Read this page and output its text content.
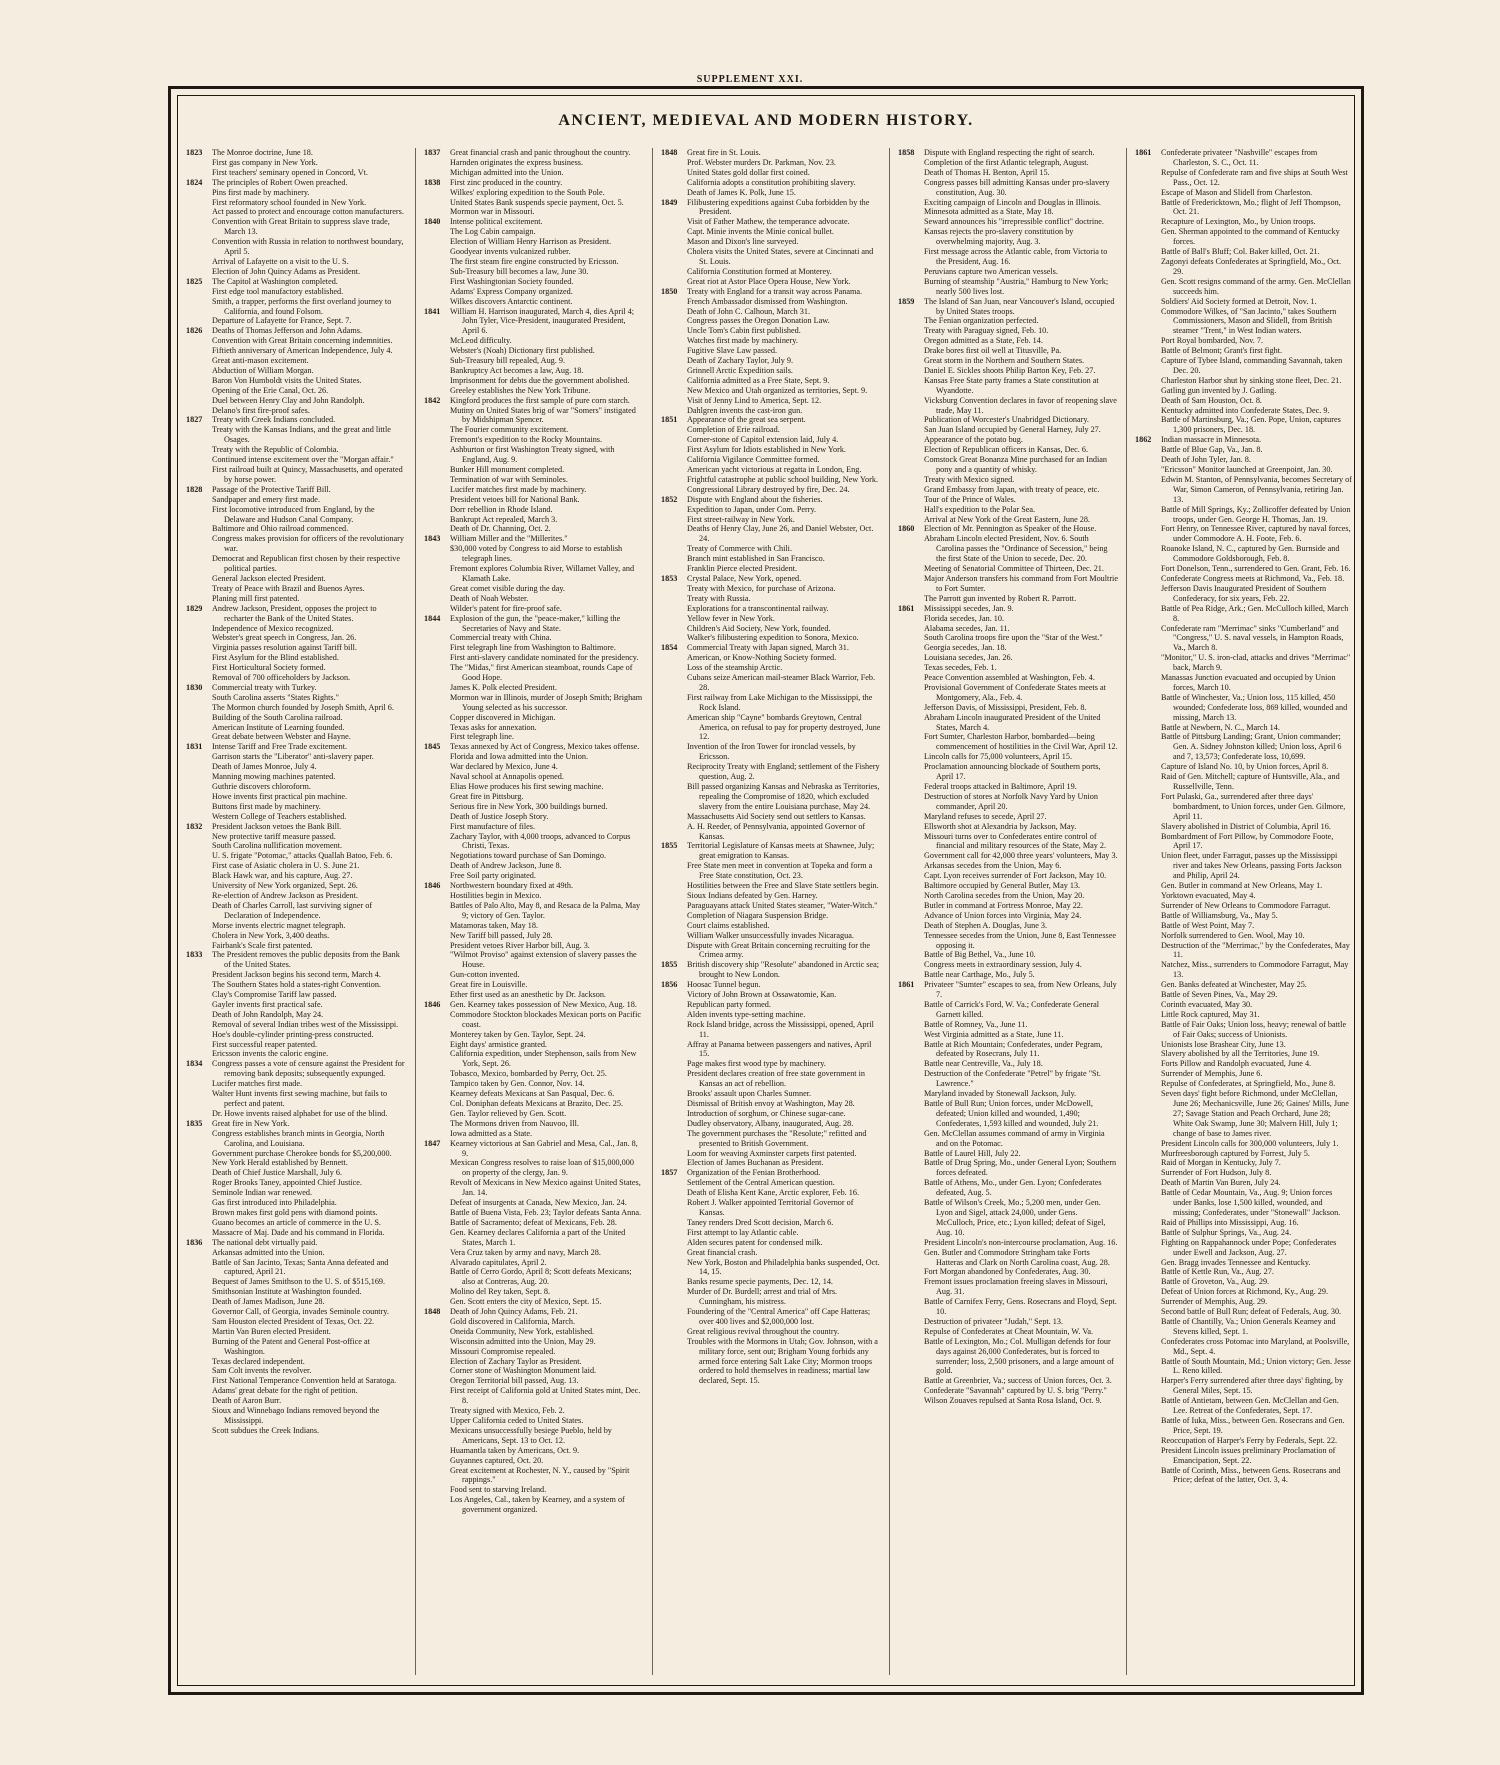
SUPPLEMENT XXI.
ANCIENT, MEDIEVAL AND MODERN HISTORY.
1823	The Monroe doctrine, June 18.
First gas company in New York.
First teachers' seminary opened in Concord, Vt.
1824	The principles of Robert Owen preached.
Pins first made by machinery.
First reformatory school founded in New York.
Act passed to protect and encourage cotton manufacturers.
Convention with Great Britain to suppress slave trade, March 13.
Convention with Russia in relation to northwest boundary, April 5.
Arrival of Lafayette on a visit to the U. S.
Election of John Quincy Adams as President.
1825	The Capitol at Washington completed.
First edge tool manufactory established.
Smith, a trapper, performs the first overland journey to California, and found Folsom.
Departure of Lafayette for France, Sept. 7.
1826	Deaths of Thomas Jefferson and John Adams.
Convention with Great Britain concerning indemnities.
Fiftieth anniversary of American Independence, July 4.
Great anti-mason excitement.
Abduction of William Morgan.
Baron Von Humboldt visits the United States.
Opening of the Erie Canal, Oct. 26.
Duel between Henry Clay and John Randolph.
Delano's first fire-proof safes.
1827	Treaty with Creek Indians concluded.
Treaty with the Kansas Indians, and the great and little Osages.
Treaty with the Republic of Colombia.
Continued intense excitement over the "Morgan affair."
First railroad built at Quincy, Massachusetts, and operated by horse power.
1828	Passage of the Protective Tariff Bill.
Sandpaper and emery first made.
First locomotive introduced from England, by the Delaware and Hudson Canal Company.
Baltimore and Ohio railroad commenced.
Congress makes provision for officers of the revolutionary war.
Democrat and Republican first chosen by their respective political parties.
General Jackson elected President.
Treaty of Peace with Brazil and Buenos Ayres.
Planing mill first patented.
1829	Andrew Jackson, President, opposes the project to recharter the Bank of the United States.
Independence of Mexico recognized.
Webster's great speech in Congress, Jan. 26.
Virginia passes resolution against Tariff bill.
First Asylum for the Blind established.
First Horticultural Society formed.
Removal of 700 officeholders by Jackson.
1830	Commercial treaty with Turkey.
South Carolina asserts "States Rights."
The Mormon church founded by Joseph Smith, April 6.
Building of the South Carolina railroad.
American Institute of Learning founded.
Great debate between Webster and Hayne.
1831	Intense Tariff and Free Trade excitement.
Garrison starts the "Liberator" anti-slavery paper.
Death of James Monroe, July 4.
Manning mowing machines patented.
Guthrie discovers chloroform.
Howe invents first practical pin machine.
Buttons first made by machinery.
Western College of Teachers established.
1832	President Jackson vetoes the Bank Bill.
New protective tariff measure passed.
South Carolina nullification movement.
U. S. frigate "Potomac," attacks Quallah Batoo, Feb. 6.
First case of Asiatic cholera in U. S. June 21.
Black Hawk war, and his capture, Aug. 27.
University of New York organized, Sept. 26.
Re-election of Andrew Jackson as President.
Death of Charles Carroll, last surviving signer of Declaration of Independence.
Morse invents electric magnet telegraph.
Cholera in New York, 3,400 deaths.
Fairbank's Scale first patented.
1833	The President removes the public deposits from the Bank of the United States.
President Jackson begins his second term, March 4.
The Southern States hold a states-right Convention.
Clay's Compromise Tariff law passed.
Gayler invents first practical safe.
Death of John Randolph, May 24.
Removal of several Indian tribes west of the Mississippi.
Hoe's double-cylinder printing-press constructed.
First successful reaper patented.
Ericsson invents the caloric engine.
1834	Congress passes a vote of censure against the President for removing bank deposits; subsequently expunged.
Lucifer matches first made.
Walter Hunt invents first sewing machine, but fails to perfect and patent.
Dr. Howe invents raised alphabet for use of the blind.
1835	Great fire in New York.
Congress establishes branch mints in Georgia, North Carolina, and Louisiana.
Government purchase Cherokee bonds for $5,200,000.
New York Herald established by Bennett.
Death of Chief Justice Marshall, July 6.
Roger Brooks Taney, appointed Chief Justice.
Seminole Indian war renewed.
Gas first introduced into Philadelphia.
Brown makes first gold pens with diamond points.
Guano becomes an article of commerce in the U. S.
Massacre of Maj. Dade and his command in Florida.
1836	The national debt virtually paid.
Arkansas admitted into the Union.
Battle of San Jacinto, Texas; Santa Anna defeated and captured, April 21.
Bequest of James Smithson to the U. S. of $515,169.
Smithsonian Institute at Washington founded.
Death of James Madison, June 28.
Governor Call, of Georgia, invades Seminole country.
Sam Houston elected President of Texas, Oct. 22.
Martin Van Buren elected President.
Burning of the Patent and General Post-office at Washington.
Texas declared independent.
Sam Colt invents the revolver.
First National Temperance Convention held at Saratoga.
Adams' great debate for the right of petition.
Death of Aaron Burr.
Sioux and Winnebago Indians removed beyond the Mississippi.
Scott subdues the Creek Indians.
1837	Great financial crash and panic throughout the country.
Harnden originates the express business.
Michigan admitted into the Union.
1838	First zinc produced in the country.
Wilkes' exploring expedition to the South Pole.
United States Bank suspends specie payment, Oct. 5.
Mormon war in Missouri.
1840	Intense political excitement.
The Log Cabin campaign.
Election of William Henry Harrison as President.
Goodyear invents vulcanized rubber.
The first steam fire engine constructed by Ericsson.
Sub-Treasury bill becomes a law, June 30.
First Washingtonian Society founded.
Adams' Express Company organized.
Wilkes discovers Antarctic continent.
1841	William H. Harrison inaugurated, March 4, dies April 4; John Tyler, Vice-President, inaugurated President, April 6.
McLeod difficulty.
Webster's (Noah) Dictionary first published.
Sub-Treasury bill repealed, Aug. 9.
Bankruptcy Act becomes a law, Aug. 18.
Imprisonment for debts due the government abolished.
Greeley establishes the New York Tribune.
1842	Kingford produces the first sample of pure corn starch.
Mutiny on United States brig of war "Somers" instigated by Midshipman Spencer.
The Fourier community excitement.
Fremont's expedition to the Rocky Mountains.
Ashburton or first Washington Treaty signed, with England, Aug. 9.
Bunker Hill monument completed.
Termination of war with Seminoles.
Lucifer matches first made by machinery.
President vetoes bill for National Bank.
Dorr rebellion in Rhode Island.
Bankrupt Act repealed, March 3.
Death of Dr. Channing, Oct. 2.
1843	William Miller and the "Millerites."
$30,000 voted by Congress to aid Morse to establish telegraph lines.
Fremont explores Columbia River, Willamet Valley, and Klamath Lake.
Great comet visible during the day.
Death of Noah Webster.
Wilder's patent for fire-proof safe.
1844	Explosion of the gun, the "peace-maker," killing the Secretaries of Navy and State.
Commercial treaty with China.
First telegraph line from Washington to Baltimore.
First anti-slavery candidate nominated for the presidency.
The "Midas," first American steamboat, rounds Cape of Good Hope.
James K. Polk elected President.
Mormon war in Illinois, murder of Joseph Smith; Brigham Young selected as his successor.
Copper discovered in Michigan.
Texas asks for annexation.
First telegraph line.
1845	Texas annexed by Act of Congress, Mexico takes offense.
Florida and Iowa admitted into the Union.
War declared by Mexico, June 4.
Naval school at Annapolis opened.
Elias Howe produces his first sewing machine.
Great fire in Pittsburg.
Serious fire in New York, 300 buildings burned.
Death of Justice Joseph Story.
First manufacture of files.
Zachary Taylor, with 4,000 troops, advanced to Corpus Christi, Texas.
Negotiations toward purchase of San Domingo.
Death of Andrew Jackson, June 8.
Free Soil party originated.
1846	Northwestern boundary fixed at 49th.
Hostilities begin in Mexico.
Battles of Palo Alto, May 8, and Resaca de la Palma, May 9; victory of Gen. Taylor.
Matamoras taken, May 18.
New Tariff bill passed, July 28.
President vetoes River Harbor bill, Aug. 3.
"Wilmot Proviso" against extension of slavery passes the House.
Gun-cotton invented.
Great fire in Louisville.
Ether first used as an anesthetic by Dr. Jackson.
1846	Gen. Kearney takes possession of New Mexico, Aug. 18.
Commodore Stockton blockades Mexican ports on Pacific coast.
Monterey taken by Gen. Taylor, Sept. 24.
Eight days' armistice granted.
California expedition, under Stephenson, sails from New York, Sept. 26.
Tobasco, Mexico, bombarded by Perry, Oct. 25.
Tampico taken by Gen. Connor, Nov. 14.
Kearney defeats Mexicans at San Pasqual, Dec. 6.
Col. Doniphan defeats Mexicans at Brazito, Dec. 25.
Gen. Taylor relieved by Gen. Scott.
The Mormons driven from Nauvoo, Ill.
Iowa admitted as a State.
1847	Kearney victorious at San Gabriel and Mesa, Cal., Jan. 8, 9.
Mexican Congress resolves to raise loan of $15,000,000 on property of the clergy, Jan. 9.
Revolt of Mexicans in New Mexico against United States, Jan. 14.
Defeat of insurgents at Canada, New Mexico, Jan. 24.
Battle of Buena Vista, Feb. 23; Taylor defeats Santa Anna.
Battle of Sacramento; defeat of Mexicans, Feb. 28.
Gen. Kearney declares California a part of the United States, March 1.
Vera Cruz taken by army and navy, March 28.
Alvarado capitulates, April 2.
Battle of Cerro Gordo, April 8; Scott defeats Mexicans; also at Contreras, Aug. 20.
Molino del Rey taken, Sept. 8.
Gen. Scott enters the city of Mexico, Sept. 15.
1848	Death of John Quincy Adams, Feb. 21.
Gold discovered in California, March.
Oneida Community, New York, established.
Wisconsin admitted into the Union, May 29.
Missouri Compromise repealed.
Election of Zachary Taylor as President.
Corner stone of Washington Monument laid.
Oregon Territorial bill passed, Aug. 13.
First receipt of California gold at United States mint, Dec. 8.
Treaty signed with Mexico, Feb. 2.
Upper California ceded to United States.
Mexicans unsuccessfully besiege Pueblo, held by Americans, Sept. 13 to Oct. 12.
Huamantla taken by Americans, Oct. 9.
Guyannes captured, Oct. 20.
Great excitement at Rochester, N. Y., caused by "Spirit rappings."
Food sent to starving Ireland.
Los Angeles, Cal., taken by Kearney, and a system of government organized.
1848	Great fire in St. Louis.
Prof. Webster murders Dr. Parkman, Nov. 23.
United States gold dollar first coined.
California adopts a constitution prohibiting slavery.
Death of James K. Polk, June 15.
1849	Filibustering expeditions against Cuba forbidden by the President.
Visit of Father Mathew, the temperance advocate.
Capt. Minie invents the Minie conical bullet.
Mason and Dixon's line surveyed.
Cholera visits the United States, severe at Cincinnati and St. Louis.
California Constitution formed at Monterey.
Great riot at Astor Place Opera House, New York.
1850	Treaty with England for a transit way across Panama.
French Ambassador dismissed from Washington.
Death of John C. Calhoun, March 31.
Congress passes the Oregon Donation Law.
Uncle Tom's Cabin first published.
Watches first made by machinery.
Fugitive Slave Law passed.
Death of Zachary Taylor, July 9.
Grinnell Arctic Expedition sails.
California admitted as a Free State, Sept. 9.
New Mexico and Utah organized as territories, Sept. 9.
Visit of Jenny Lind to America, Sept. 12.
Dahlgren invents the cast-iron gun.
1851	Appearance of the great sea serpent.
Completion of Erie railroad.
Corner-stone of Capitol extension laid, July 4.
First Asylum for Idiots established in New York.
California Vigilance Committee formed.
American yacht victorious at regatta in London, Eng.
Frightful catastrophe at public school building, New York.
Congressional Library destroyed by fire, Dec. 24.
1852	Dispute with England about the fisheries.
Expedition to Japan, under Com. Perry.
First street-railway in New York.
Deaths of Henry Clay, June 26, and Daniel Webster, Oct. 24.
Treaty of Commerce with Chili.
Branch mint established in San Francisco.
Franklin Pierce elected President.
1853	Crystal Palace, New York, opened.
Treaty with Mexico, for purchase of Arizona.
Treaty with Russia.
Explorations for a transcontinental railway.
Yellow fever in New York.
Children's Aid Society, New York, founded.
Walker's filibustering expedition to Sonora, Mexico.
1854	Commercial Treaty with Japan signed, March 31.
American, or Know-Nothing Society formed.
Loss of the steamship Arctic.
Cubans seize American mail-steamer Black Warrior, Feb. 28.
First railway from Lake Michigan to the Mississippi, the Rock Island.
American ship "Cayne" bombards Greytown, Central America, on refusal to pay for property destroyed, June 12.
Invention of the Iron Tower for ironclad vessels, by Ericsson.
Reciprocity Treaty with England; settlement of the Fishery question, Aug. 2.
Bill passed organizing Kansas and Nebraska as Territories, repealing the Compromise of 1820, which excluded slavery from the entire Louisiana purchase, May 24.
Massachusetts Aid Society send out settlers to Kansas.
A. H. Reeder, of Pennsylvania, appointed Governor of Kansas.
1855	Territorial Legislature of Kansas meets at Shawnee, July; great emigration to Kansas.
Free State men meet in convention at Topeka and form a Free State constitution, Oct. 23.
Hostilities between the Free and Slave State settlers begin.
Sioux Indians defeated by Gen. Harney.
Paraguayans attack United States steamer, "Water-Witch."
Completion of Niagara Suspension Bridge.
Court claims established.
William Walker unsuccessfully invades Nicaragua.
Dispute with Great Britain concerning recruiting for the Crimea army.
1855	British discovery ship "Resolute" abandoned in Arctic sea; brought to New London.
1856	Hoosac Tunnel begun.
Victory of John Brown at Ossawatomie, Kan.
Republican party formed.
Alden invents type-setting machine.
Rock Island bridge, across the Mississippi, opened, April 11.
Affray at Panama between passengers and natives, April 15.
Page makes first wood type by machinery.
President declares creation of free state government in Kansas an act of rebellion.
Brooks' assault upon Charles Sumner.
Dismissal of British envoy at Washington, May 28.
Introduction of sorghum, or Chinese sugar-cane.
Dudley observatory, Albany, inaugurated, Aug. 28.
The government purchases the "Resolute;" refitted and presented to British Government.
Loom for weaving Axminster carpets first patented.
Election of James Buchanan as President.
1857	Organization of the Fenian Brotherhood.
Settlement of the Central American question.
Death of Elisha Kent Kane, Arctic explorer, Feb. 16.
Robert J. Walker appointed Territorial Governor of Kansas.
Taney renders Dred Scott decision, March 6.
First attempt to lay Atlantic cable.
Alden secures patent for condensed milk.
Great financial crash.
New York, Boston and Philadelphia banks suspended, Oct. 14, 15.
Banks resume specie payments, Dec. 12, 14.
Murder of Dr. Burdell; arrest and trial of Mrs. Cunningham, his mistress.
Foundering of the "Central America" off Cape Hatteras; over 400 lives and $2,000,000 lost.
Great religious revival throughout the country.
Troubles with the Mormons in Utah; Gov. Johnson, with a military force, sent out; Brigham Young forbids any armed force entering Salt Lake City; Mormon troops ordered to hold themselves in readiness; martial law declared, Sept. 15.
1858	Dispute with England respecting the right of search.
Completion of the first Atlantic telegraph, August.
Death of Thomas H. Benton, April 15.
Congress passes bill admitting Kansas under pro-slavery constitution, Aug. 30.
Exciting campaign of Lincoln and Douglas in Illinois.
Minnesota admitted as a State, May 18.
Seward announces his "irrepressible conflict" doctrine.
Kansas rejects the pro-slavery constitution by overwhelming majority, Aug. 3.
First message across the Atlantic cable, from Victoria to the President, Aug. 16.
Peruvians capture two American vessels.
Burning of steamship "Austria," Hamburg to New York; nearly 500 lives lost.
1859	The Island of San Juan, near Vancouver's Island, occupied by United States troops.
The Fenian organization perfected.
Treaty with Paraguay signed, Feb. 10.
Oregon admitted as a State, Feb. 14.
Drake bores first oil well at Titusville, Pa.
Great storm in the Northern and Southern States.
Daniel E. Sickles shoots Philip Barton Key, Feb. 27.
Kansas Free State party frames a State constitution at Wyandotte.
Vicksburg Convention declares in favor of reopening slave trade, May 11.
Publication of Worcester's Unabridged Dictionary.
San Juan Island occupied by General Harney, July 27.
Appearance of the potato bug.
Election of Republican officers in Kansas, Dec. 6.
Comstock Great Bonanza Mine purchased for an Indian pony and a quantity of whisky.
Treaty with Mexico signed.
Grand Embassy from Japan, with treaty of peace, etc.
Tour of the Prince of Wales.
Hall's expedition to the Polar Sea.
Arrival at New York of the Great Eastern, June 28.
1860	Election of Mr. Pennington as Speaker of the House.
Abraham Lincoln elected President, Nov. 6. South Carolina passes the "Ordinance of Secession," being the first State of the Union to secede, Dec. 20.
Meeting of Senatorial Committee of Thirteen, Dec. 21.
Major Anderson transfers his command from Fort Moultrie to Fort Sumter.
The Parrott gun invented by Robert R. Parrott.
1861	Mississippi secedes, Jan. 9.
Florida secedes, Jan. 10.
Alabama secedes, Jan. 11.
South Carolina troops fire upon the "Star of the West."
Georgia secedes, Jan. 18.
Louisiana secedes, Jan. 26.
Texas secedes, Feb. 1.
Peace Convention assembled at Washington, Feb. 4.
Provisional Government of Confederate States meets at Montgomery, Ala., Feb. 4.
Jefferson Davis, of Mississippi, President, Feb. 8.
Abraham Lincoln inaugurated President of the United States, March 4.
Fort Sumter, Charleston Harbor, bombarded—being commencement of hostilities in the Civil War, April 12.
Lincoln calls for 75,000 volunteers, April 15.
Proclamation announcing blockade of Southern ports, April 17.
Federal troops attacked in Baltimore, April 19.
Destruction of stores at Norfolk Navy Yard by Union commander, April 20.
Maryland refuses to secede, April 27.
Ellsworth shot at Alexandria by Jackson, May.
Missouri turns over to Confederates entire control of financial and military resources of the State, May 2.
Government call for 42,000 three years' volunteers, May 3.
Arkansas secedes from the Union, May 6.
Capt. Lyon receives surrender of Fort Jackson, May 10.
Baltimore occupied by General Butler, May 13.
North Carolina secedes from the Union, May 20.
Butler in command at Fortress Monroe, May 22.
Advance of Union forces into Virginia, May 24.
Death of Stephen A. Douglas, June 3.
Tennessee secedes from the Union, June 8, East Tennessee opposing it.
Battle of Big Bethel, Va., June 10.
Congress meets in extraordinary session, July 4.
Battle near Carthage, Mo., July 5.
1861	Privateer "Sumter" escapes to sea, from New Orleans, July 7.
Battle of Carrick's Ford, W. Va.; Confederate General Garnett killed.
Battle of Romney, Va., June 11.
West Virginia admitted as a State, June 11.
Battle at Rich Mountain; Confederates, under Pegram, defeated by Rosecrans, July 11.
Battle near Centreville, Va., July 18.
Destruction of the Confederate "Petrel" by frigate "St. Lawrence."
Maryland invaded by Stonewall Jackson, July.
Battle of Bull Run; Union forces, under McDowell, defeated; Union killed and wounded, 1,490; Confederates, 1,593 killed and wounded, July 21.
Gen. McClellan assumes command of army in Virginia and on the Potomac.
Battle of Laurel Hill, July 22.
Battle of Drug Spring, Mo., under General Lyon; Southern forces defeated.
Battle of Athens, Mo., under Gen. Lyon; Confederates defeated, Aug. 5.
Battle of Wilson's Creek, Mo.; 5,200 men, under Gen. Lyon and Sigel, attack 24,000, under Gens. McCulloch, Price, etc.; Lyon killed; defeat of Sigel, Aug. 10.
President Lincoln's non-intercourse proclamation, Aug. 16.
Gen. Butler and Commodore Stringham take Forts Hatteras and Clark on North Carolina coast, Aug. 28.
Fort Morgan abandoned by Confederates, Aug. 30.
Fremont issues proclamation freeing slaves in Missouri, Aug. 31.
Battle of Carnifex Ferry, Gens. Rosecrans and Floyd, Sept. 10.
Destruction of privateer "Judah," Sept. 13.
Repulse of Confederates at Cheat Mountain, W. Va.
Battle of Lexington, Mo.; Col. Mulligan defends for four days against 26,000 Confederates, but is forced to surrender; loss, 2,500 prisoners, and a large amount of gold.
Battle at Greenbrier, Va.; success of Union forces, Oct. 3.
Confederate "Savannah" captured by U. S. brig "Perry."
Wilson Zouaves repulsed at Santa Rosa Island, Oct. 9.
1861	Confederate privateer "Nashville" escapes from Charleston, S. C., Oct. 11.
Repulse of Confederate ram and five ships at South West Pass., Oct. 12.
Escape of Mason and Slidell from Charleston.
Battle of Fredericktown, Mo.; flight of Jeff Thompson, Oct. 21.
Recapture of Lexington, Mo., by Union troops.
Gen. Sherman appointed to the command of Kentucky forces.
Battle of Ball's Bluff; Col. Baker killed, Oct. 21.
Zagonyi defeats Confederates at Springfield, Mo., Oct. 29.
Gen. Scott resigns command of the army. Gen. McClellan succeeds him.
Soldiers' Aid Society formed at Detroit, Nov. 1.
Commodore Wilkes, of "San Jacinto," takes Southern Commissioners, Mason and Slidell, from British steamer "Trent," in West Indian waters.
Port Royal bombarded, Nov. 7.
Battle of Belmont; Grant's first fight.
Capture of Tybee Island, commanding Savannah, taken Dec. 20.
Charleston Harbor shut by sinking stone fleet, Dec. 21.
Gatling gun invented by J. Gatling.
Death of Sam Houston, Oct. 8.
Kentucky admitted into Confederate States, Dec. 9.
Battle of Martinsburg, Va.; Gen. Pope, Union, captures 1,300 prisoners, Dec. 18.
1862	Indian massacre in Minnesota.
Battle of Blue Gap, Va., Jan. 8.
Death of John Tyler, Jan. 8.
"Ericsson" Monitor launched at Greenpoint, Jan. 30.
Edwin M. Stanton, of Pennsylvania, becomes Secretary of War, Simon Cameron, of Pennsylvania, retiring Jan. 13.
Battle of Mill Springs, Ky.; Zollicoffer defeated by Union troops, under Gen. George H. Thomas, Jan. 19.
Fort Henry, on Tennessee River, captured by naval forces, under Commodore A. H. Foote, Feb. 6.
Roanoke Island, N. C., captured by Gen. Burnside and Commodore Goldsborough, Feb. 8.
Fort Donelson, Tenn., surrendered to Gen. Grant, Feb. 16.
Confederate Congress meets at Richmond, Va., Feb. 18.
Jefferson Davis Inaugurated President of Southern Confederacy, for six years, Feb. 22.
Battle of Pea Ridge, Ark.; Gen. McCulloch killed, March 8.
Confederate ram "Merrimac" sinks "Cumberland" and "Congress," U. S. naval vessels, in Hampton Roads, Va., March 8.
"Monitor," U. S. iron-clad, attacks and drives "Merrimac" back, March 9.
Manassas Junction evacuated and occupied by Union forces, March 10.
Battle of Winchester, Va.; Union loss, 115 killed, 450 wounded; Confederate loss, 869 killed, wounded and missing, March 13.
Battle at Newbern, N. C., March 14.
Battle of Pittsburg Landing; Grant, Union commander; Gen. A. Sidney Johnston killed; Union loss, April 6 and 7, 13,573; Confederate loss, 10,699.
Capture of Island No. 10, by Union forces, April 8.
Raid of Gen. Mitchell; capture of Huntsville, Ala., and Russellville, Tenn.
Fort Pulaski, Ga., surrendered after three days' bombardment, to Union forces, under Gen. Gilmore, April 11.
Slavery abolished in District of Columbia, April 16.
Bombardment of Fort Pillow, by Commodore Foote, April 17.
Union fleet, under Farragut, passes up the Mississippi river and takes New Orleans, passing Forts Jackson and Philip, April 24.
Gen. Butler in command at New Orleans, May 1.
Yorktown evacuated, May 4.
Surrender of New Orleans to Commodore Farragut.
Battle of Williamsburg, Va., May 5.
Battle of West Point, May 7.
Norfolk surrendered to Gen. Wool, May 10.
Destruction of the "Merrimac," by the Confederates, May 11.
Natchez, Miss., surrenders to Commodore Farragut, May 13.
Gen. Banks defeated at Winchester, May 25.
Battle of Seven Pines, Va., May 29.
Corinth evacuated, May 30.
Little Rock captured, May 31.
Battle of Fair Oaks; Union loss, heavy; renewal of battle of Fair Oaks; success of Unionists.
Unionists lose Brashear City, June 13.
Slavery abolished by all the Territories, June 19.
Forts Pillow and Randolph evacuated, June 4.
Surrender of Memphis, June 6.
Repulse of Confederates, at Springfield, Mo., June 8.
Seven days' fight before Richmond, under McClellan, June 26; Mechanicsville, June 26; Gaines' Mills, June 27; Savage Station and Peach Orchard, June 28; White Oak Swamp, June 30; Malvern Hill, July 1; change of base to James river.
President Lincoln calls for 300,000 volunteers, July 1.
Murfreesborough captured by Forrest, July 5.
Raid of Morgan in Kentucky, July 7.
Surrender of Fort Hudson, July 8.
Death of Martin Van Buren, July 24.
Battle of Cedar Mountain, Va., Aug. 9; Union forces under Banks, lose 1,500 killed, wounded, and missing; Confederates, under "Stonewall" Jackson.
Raid of Phillips into Mississippi, Aug. 16.
Battle of Sulphur Springs, Va., Aug. 24.
Fighting on Rappahannock under Pope; Confederates under Ewell and Jackson, Aug. 27.
Gen. Bragg invades Tennessee and Kentucky.
Battle of Kettle Run, Va., Aug. 27.
Battle of Groveton, Va., Aug. 29.
Defeat of Union forces at Richmond, Ky., Aug. 29.
Surrender of Memphis, Aug. 29.
Second battle of Bull Run; defeat of Federals, Aug. 30.
Battle of Chantilly, Va.; Union Generals Kearney and Stevens killed, Sept. 1.
Confederates cross Potomac into Maryland, at Poolsville, Md., Sept. 4.
Battle of South Mountain, Md.; Union victory; Gen. Jesse L. Reno killed.
Harper's Ferry surrendered after three days' fighting, by General Miles, Sept. 15.
Battle of Antietam, between Gen. McClellan and Gen. Lee. Retreat of the Confederates, Sept. 17.
Battle of Iuka, Miss., between Gen. Rosecrans and Gen. Price, Sept. 19.
Reoccupation of Harper's Ferry by Federals, Sept. 22.
President Lincoln issues preliminary Proclamation of Emancipation, Sept. 22.
Battle of Corinth, Miss., between Gens. Rosecrans and Price; defeat of the latter, Oct. 3, 4.
